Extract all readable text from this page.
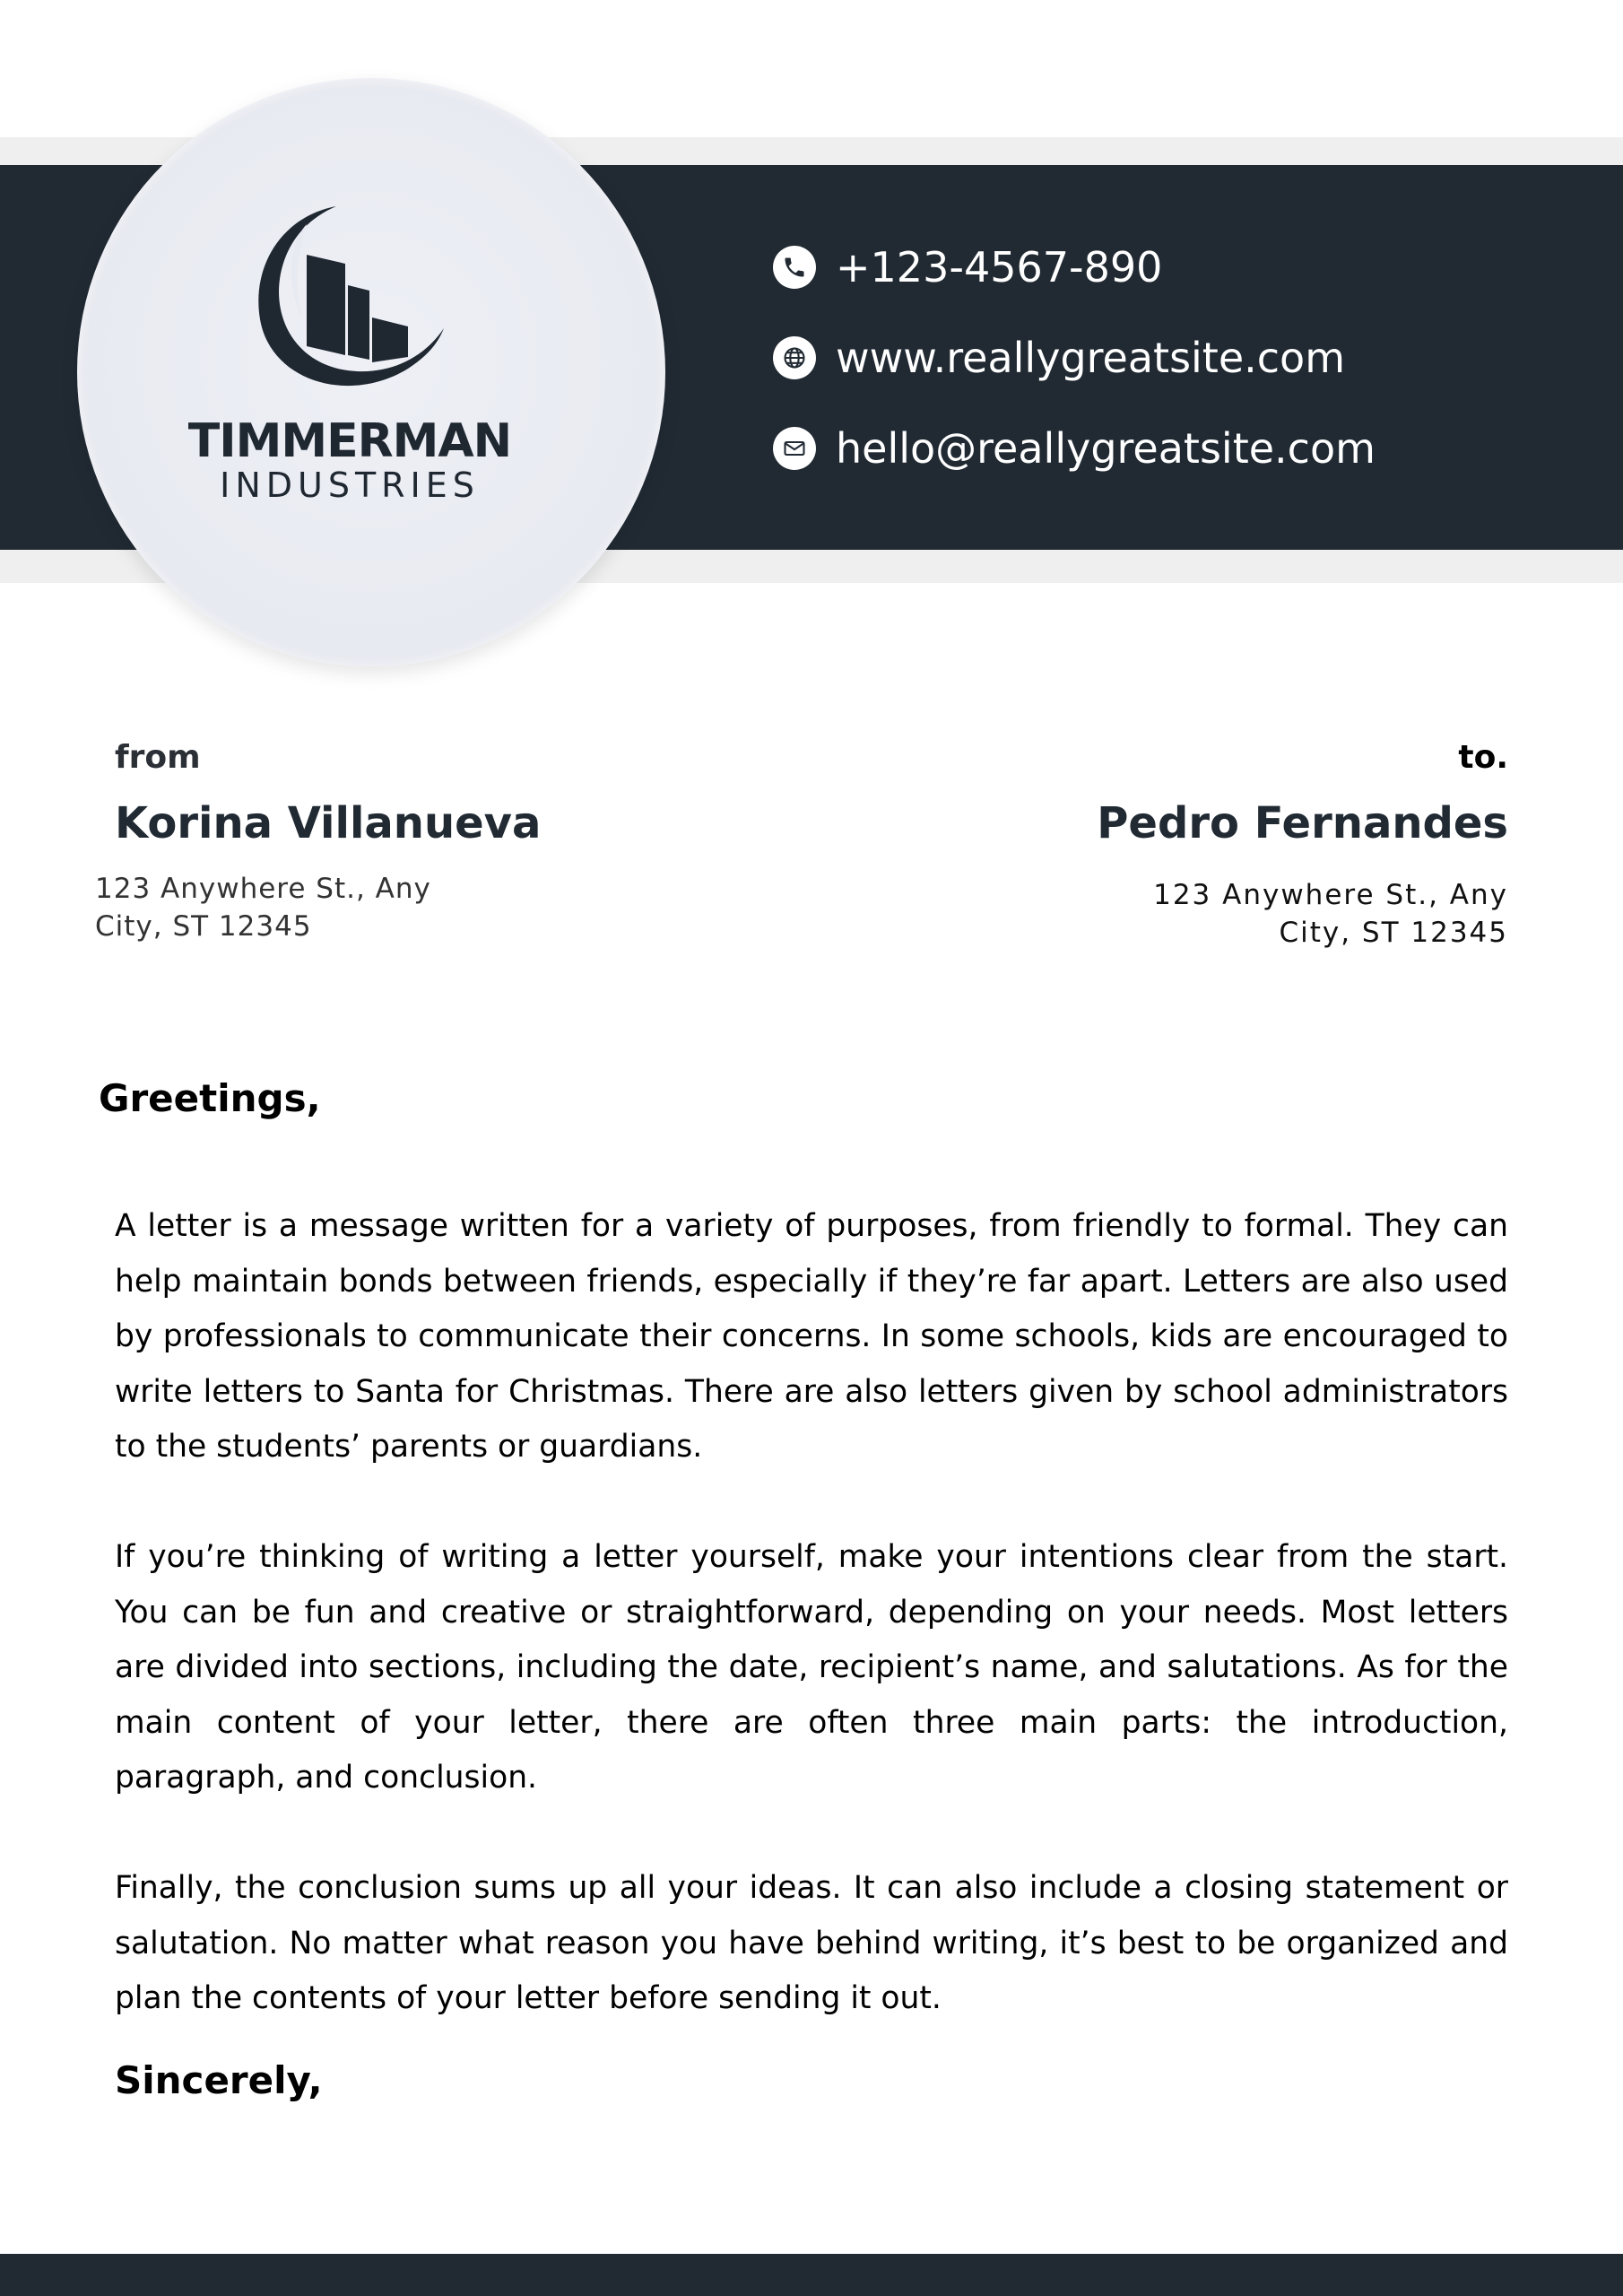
TIMMERMAN
INDUSTRIES
+123-4567-890
www.reallygreatsite.com
hello@reallygreatsite.com
from	to.
Korina Villanueva	Pedro Fernandes
123 Anywhere St., Any City, ST 12345
123 Anywhere St., Any City, ST 12345
Greetings,

A letter is a message written for a variety of purposes, from friendly to formal. They can help maintain bonds between friends, especially if they’re far apart. Letters are also used by professionals to communicate their concerns. In some schools, kids are encouraged to write letters to Santa for Christmas. There are also letters given by school administrators to the students’ parents or guardians.

If you’re thinking of writing a letter yourself, make your intentions clear from the start. You can be fun and creative or straightforward, depending on your needs. Most letters are divided into sections, including the date, recipient’s name, and salutations. As for the main content of your letter, there are often three main parts: the introduction, paragraph, and conclusion.

Finally, the conclusion sums up all your ideas. It can also include a closing statement or salutation. No matter what reason you have behind writing, it’s best to be organized and plan the contents of your letter before sending it out.

Sincerely,
